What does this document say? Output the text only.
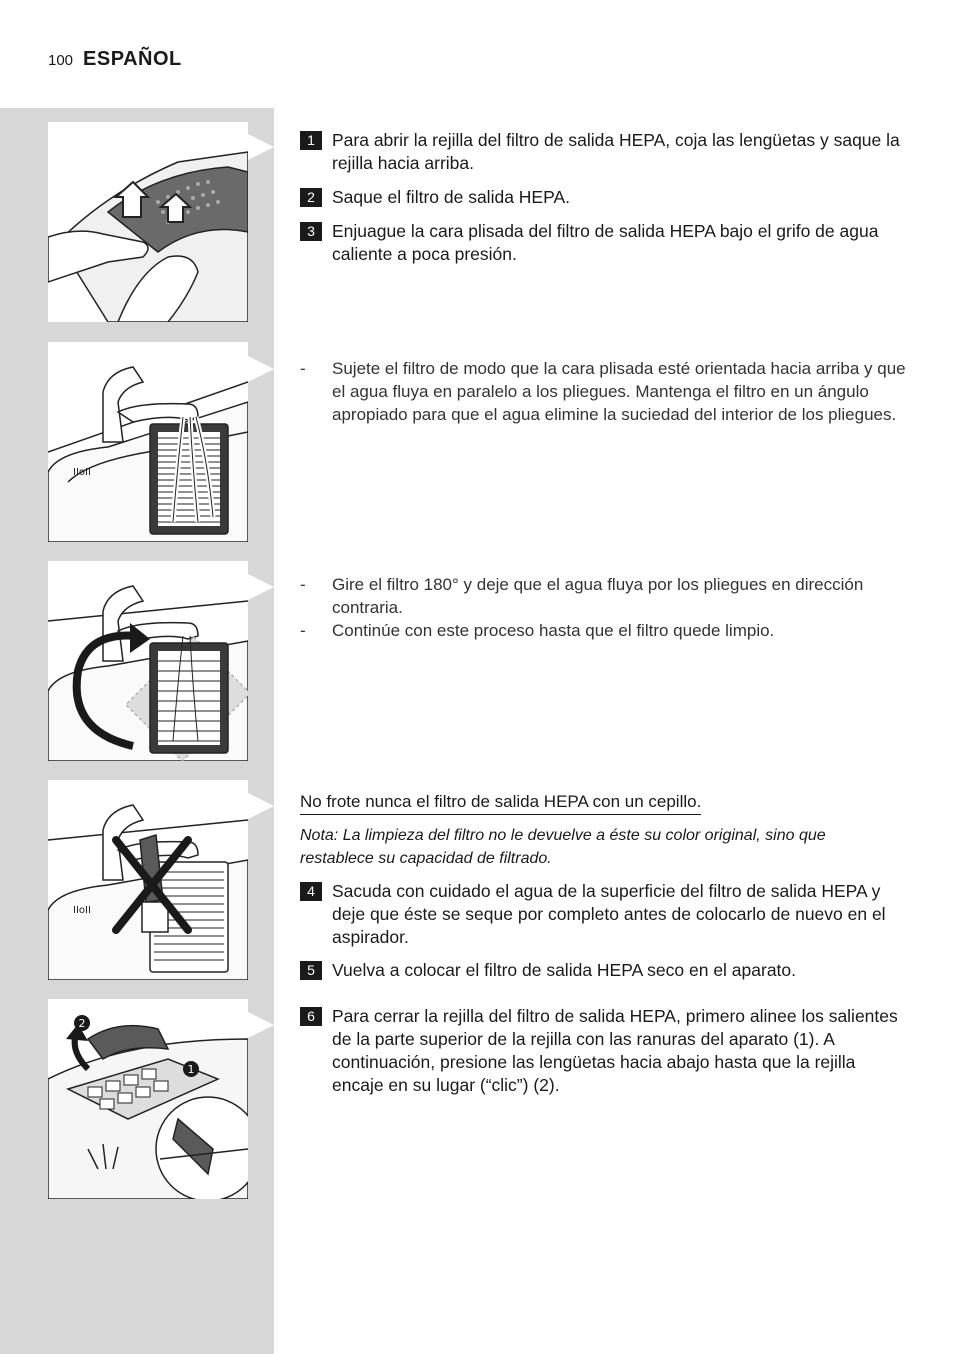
100 ESPAÑOL
IIoII
IIoII
2
1
1 Para abrir la rejilla del filtro de salida HEPA, coja las lengüetas y saque la rejilla hacia arriba.
2 Saque el filtro de salida HEPA.
3 Enjuague la cara plisada del filtro de salida HEPA bajo el grifo de agua caliente a poca presión.
-	Sujete el filtro de modo que la cara plisada esté orientada hacia arriba y que el agua fluya en paralelo a los pliegues. Mantenga el filtro en un ángulo apropiado para que el agua elimine la suciedad del interior de los pliegues.
-	Gire el filtro 180° y deje que el agua fluya por los pliegues en dirección contraria.
-	Continúe con este proceso hasta que el filtro quede limpio.
No frote nunca el filtro de salida HEPA con un cepillo.
Nota: La limpieza del filtro no le devuelve a éste su color original, sino que restablece su capacidad de filtrado.
4 Sacuda con cuidado el agua de la superficie del filtro de salida HEPA y deje que éste se seque por completo antes de colocarlo de nuevo en el aspirador.
5 Vuelva a colocar el filtro de salida HEPA seco en el aparato.
6 Para cerrar la rejilla del filtro de salida HEPA, primero alinee los salientes de la parte superior de la rejilla con las ranuras del aparato (1). A continuación, presione las lengüetas hacia abajo hasta que la rejilla encaje en su lugar (“clic”) (2).
